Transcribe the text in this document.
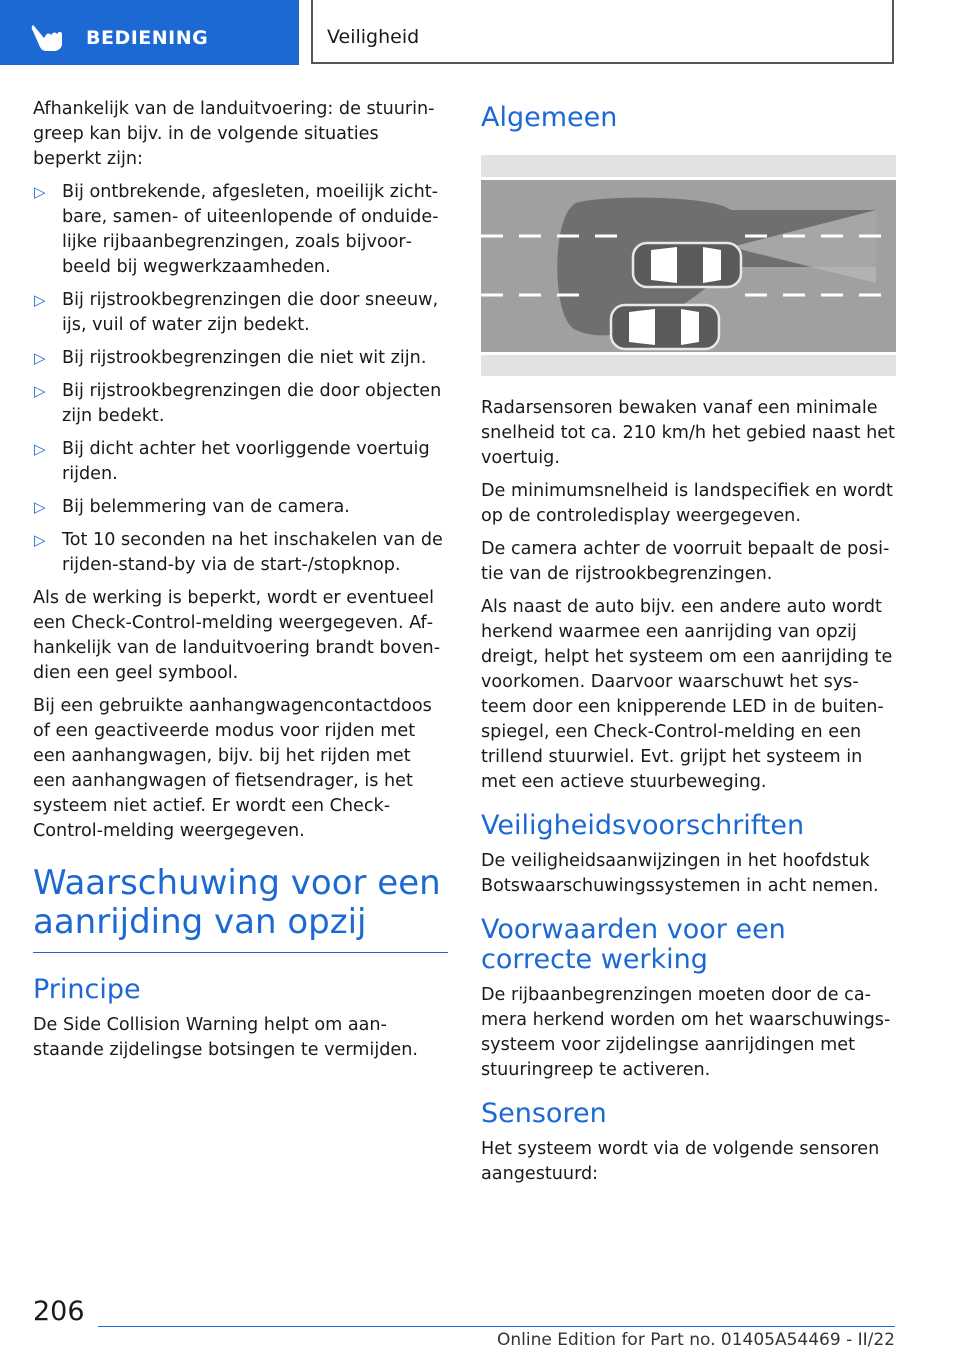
BEDIENING	Veiligheid

Afhankelijk van de landuitvoering: de stuuringreep kan bijv. in de volgende situaties beperkt zijn:

▷ Bij ontbrekende, afgesleten, moeilijk zichtbare, samen- of uiteenlopende of onduidelijke rijbaanbegrenzingen, zoals bijvoorbeeld bij wegwerkzaamheden.
▷ Bij rijstrookbegrenzingen die door sneeuw, ijs, vuil of water zijn bedekt.
▷ Bij rijstrookbegrenzingen die niet wit zijn.
▷ Bij rijstrookbegrenzingen die door objecten zijn bedekt.
▷ Bij dicht achter het voorliggende voertuig rijden.
▷ Bij belemmering van de camera.
▷ Tot 10 seconden na het inschakelen van de rijden-stand-by via de start-/stopknop.

Als de werking is beperkt, wordt er eventueel een Check-Control-melding weergegeven. Afhankelijk van de landuitvoering brandt bovendien een geel symbool.

Bij een gebruikte aanhangwagencontactdoos of een geactiveerde modus voor rijden met een aanhangwagen, bijv. bij het rijden met een aanhangwagen of fietsendrager, is het systeem niet actief. Er wordt een Check-Control-melding weergegeven.

Waarschuwing voor een aanrijding van opzij
Principe

De Side Collision Warning helpt om aanstaande zijdelingse botsingen te vermijden.

Algemeen

Radarsensoren bewaken vanaf een minimale snelheid tot ca. 210 km/h het gebied naast het voertuig.

De minimumsnelheid is landspecifiek en wordt op de controledisplay weergegeven.

De camera achter de voorruit bepaalt de positie van de rijstrookbegrenzingen.

Als naast de auto bijv. een andere auto wordt herkend waarmee een aanrijding van opzij dreigt, helpt het systeem om een aanrijding te voorkomen. Daarvoor waarschuwt het systeem door een knipperende LED in de buitenspiegel, een Check-Control-melding en een trillend stuurwiel. Evt. grijpt het systeem in met een actieve stuurbeweging.

Veiligheidsvoorschriften

De veiligheidsaanwijzingen in het hoofdstuk Botswaarschuwingssystemen in acht nemen.

Voorwaarden voor een correcte werking

De rijbaanbegrenzingen moeten door de camera herkend worden om het waarschuwingssysteem voor zijdelingse aanrijdingen met stuuringreep te activeren.

Sensoren

Het systeem wordt via de volgende sensoren aangestuurd:

206
Online Edition for Part no. 01405A54469 - II/22
